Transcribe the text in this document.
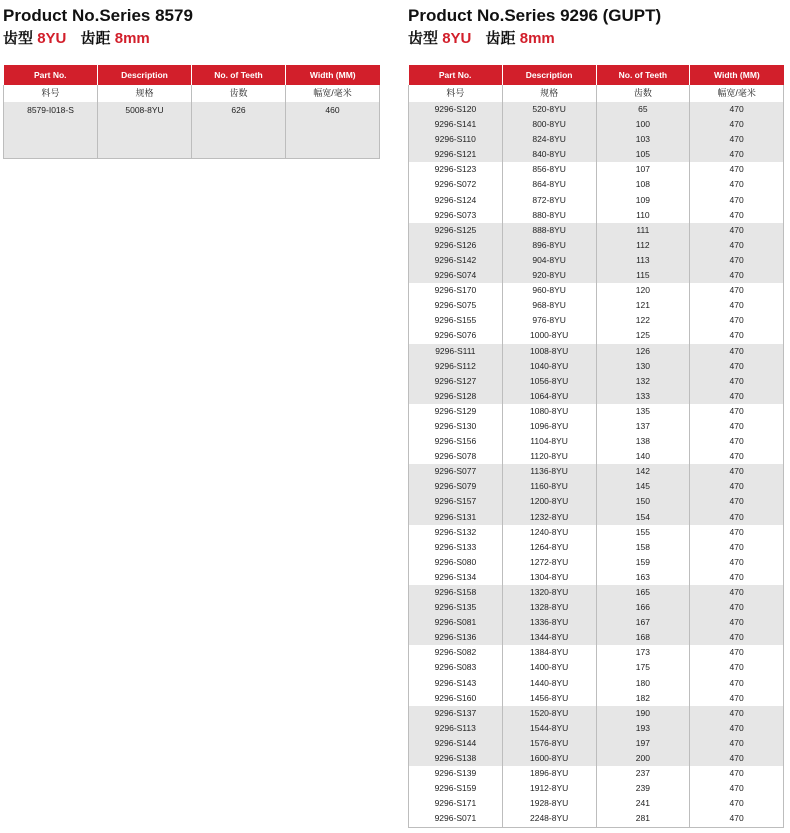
Product No.Series 8579
齿型 8YU 齿距 8mm
Part No.	Description	No. of Teeth	Width (MM)
料号	规格	齿数	幅宽/毫米
8579-I018-S	5008-8YU	626	460
Product No.Series 9296 (GUPT)
齿型 8YU 齿距 8mm
Part No.	Description	No. of Teeth	Width (MM)
料号	规格	齿数	幅宽/毫米
9296-S120	520-8YU	65	470
9296-S141	800-8YU	100	470
9296-S110	824-8YU	103	470
9296-S121	840-8YU	105	470
9296-S123	856-8YU	107	470
9296-S072	864-8YU	108	470
9296-S124	872-8YU	109	470
9296-S073	880-8YU	110	470
9296-S125	888-8YU	111	470
9296-S126	896-8YU	112	470
9296-S142	904-8YU	113	470
9296-S074	920-8YU	115	470
9296-S170	960-8YU	120	470
9296-S075	968-8YU	121	470
9296-S155	976-8YU	122	470
9296-S076	1000-8YU	125	470
9296-S111	1008-8YU	126	470
9296-S112	1040-8YU	130	470
9296-S127	1056-8YU	132	470
9296-S128	1064-8YU	133	470
9296-S129	1080-8YU	135	470
9296-S130	1096-8YU	137	470
9296-S156	1104-8YU	138	470
9296-S078	1120-8YU	140	470
9296-S077	1136-8YU	142	470
9296-S079	1160-8YU	145	470
9296-S157	1200-8YU	150	470
9296-S131	1232-8YU	154	470
9296-S132	1240-8YU	155	470
9296-S133	1264-8YU	158	470
9296-S080	1272-8YU	159	470
9296-S134	1304-8YU	163	470
9296-S158	1320-8YU	165	470
9296-S135	1328-8YU	166	470
9296-S081	1336-8YU	167	470
9296-S136	1344-8YU	168	470
9296-S082	1384-8YU	173	470
9296-S083	1400-8YU	175	470
9296-S143	1440-8YU	180	470
9296-S160	1456-8YU	182	470
9296-S137	1520-8YU	190	470
9296-S113	1544-8YU	193	470
9296-S144	1576-8YU	197	470
9296-S138	1600-8YU	200	470
9296-S139	1896-8YU	237	470
9296-S159	1912-8YU	239	470
9296-S171	1928-8YU	241	470
9296-S071	2248-8YU	281	470
